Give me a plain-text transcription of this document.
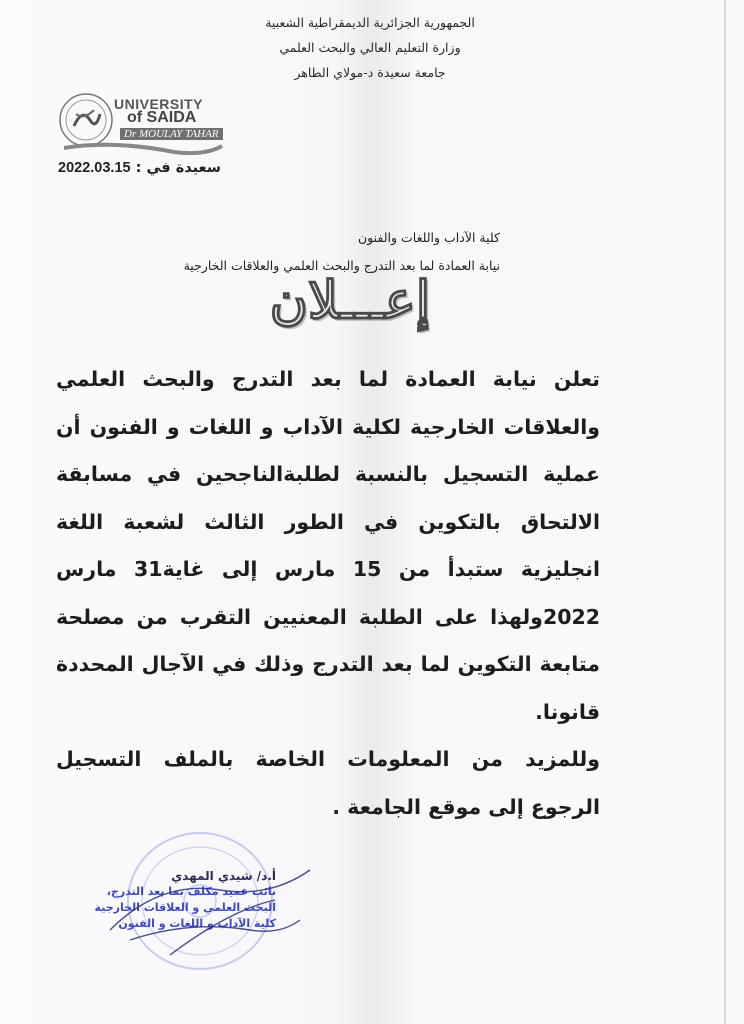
الجمهورية الجزائرية الديمقراطية الشعبية
وزارة التعليم العالي والبحث العلمي
جامعة سعيدة د-مولاي الطاهر
UNIVERSITY
of SAIDA
Dr MOULAY TAHAR
سعيدة في : 2022.03.15
كلية الآداب واللغات والفنون
نيابة العمادة لما بعد التدرج والبحث العلمي والعلاقات الخارجية
إعـــلان

تعلن نيابة العمادة لما بعد التدرج والبحث العلمي والعلاقات الخارجية لكلية الآداب و اللغات و الفنون أن عملية التسجيل بالنسبة لطلبةالناجحين في مسابقة الالتحاق بالتكوين في الطور الثالث لشعبة اللغة انجليزية ستبدأ من 15 مارس إلى غاية31 مارس 2022ولهذا على الطلبة المعنيين التقرب من مصلحة متابعة التكوين لما بعد التدرج وذلك في الآجال المحددة قانونا.

وللمزيد من المعلومات الخاصة بالملف التسجيل الرجوع إلى موقع الجامعة .

أ.د/ شيدي المهدي
نائب عميد مكلف بما بعد التدرج،
البحث العلمي و العلاقات الخارجية
كلية الآداب و اللغات و الفنون
